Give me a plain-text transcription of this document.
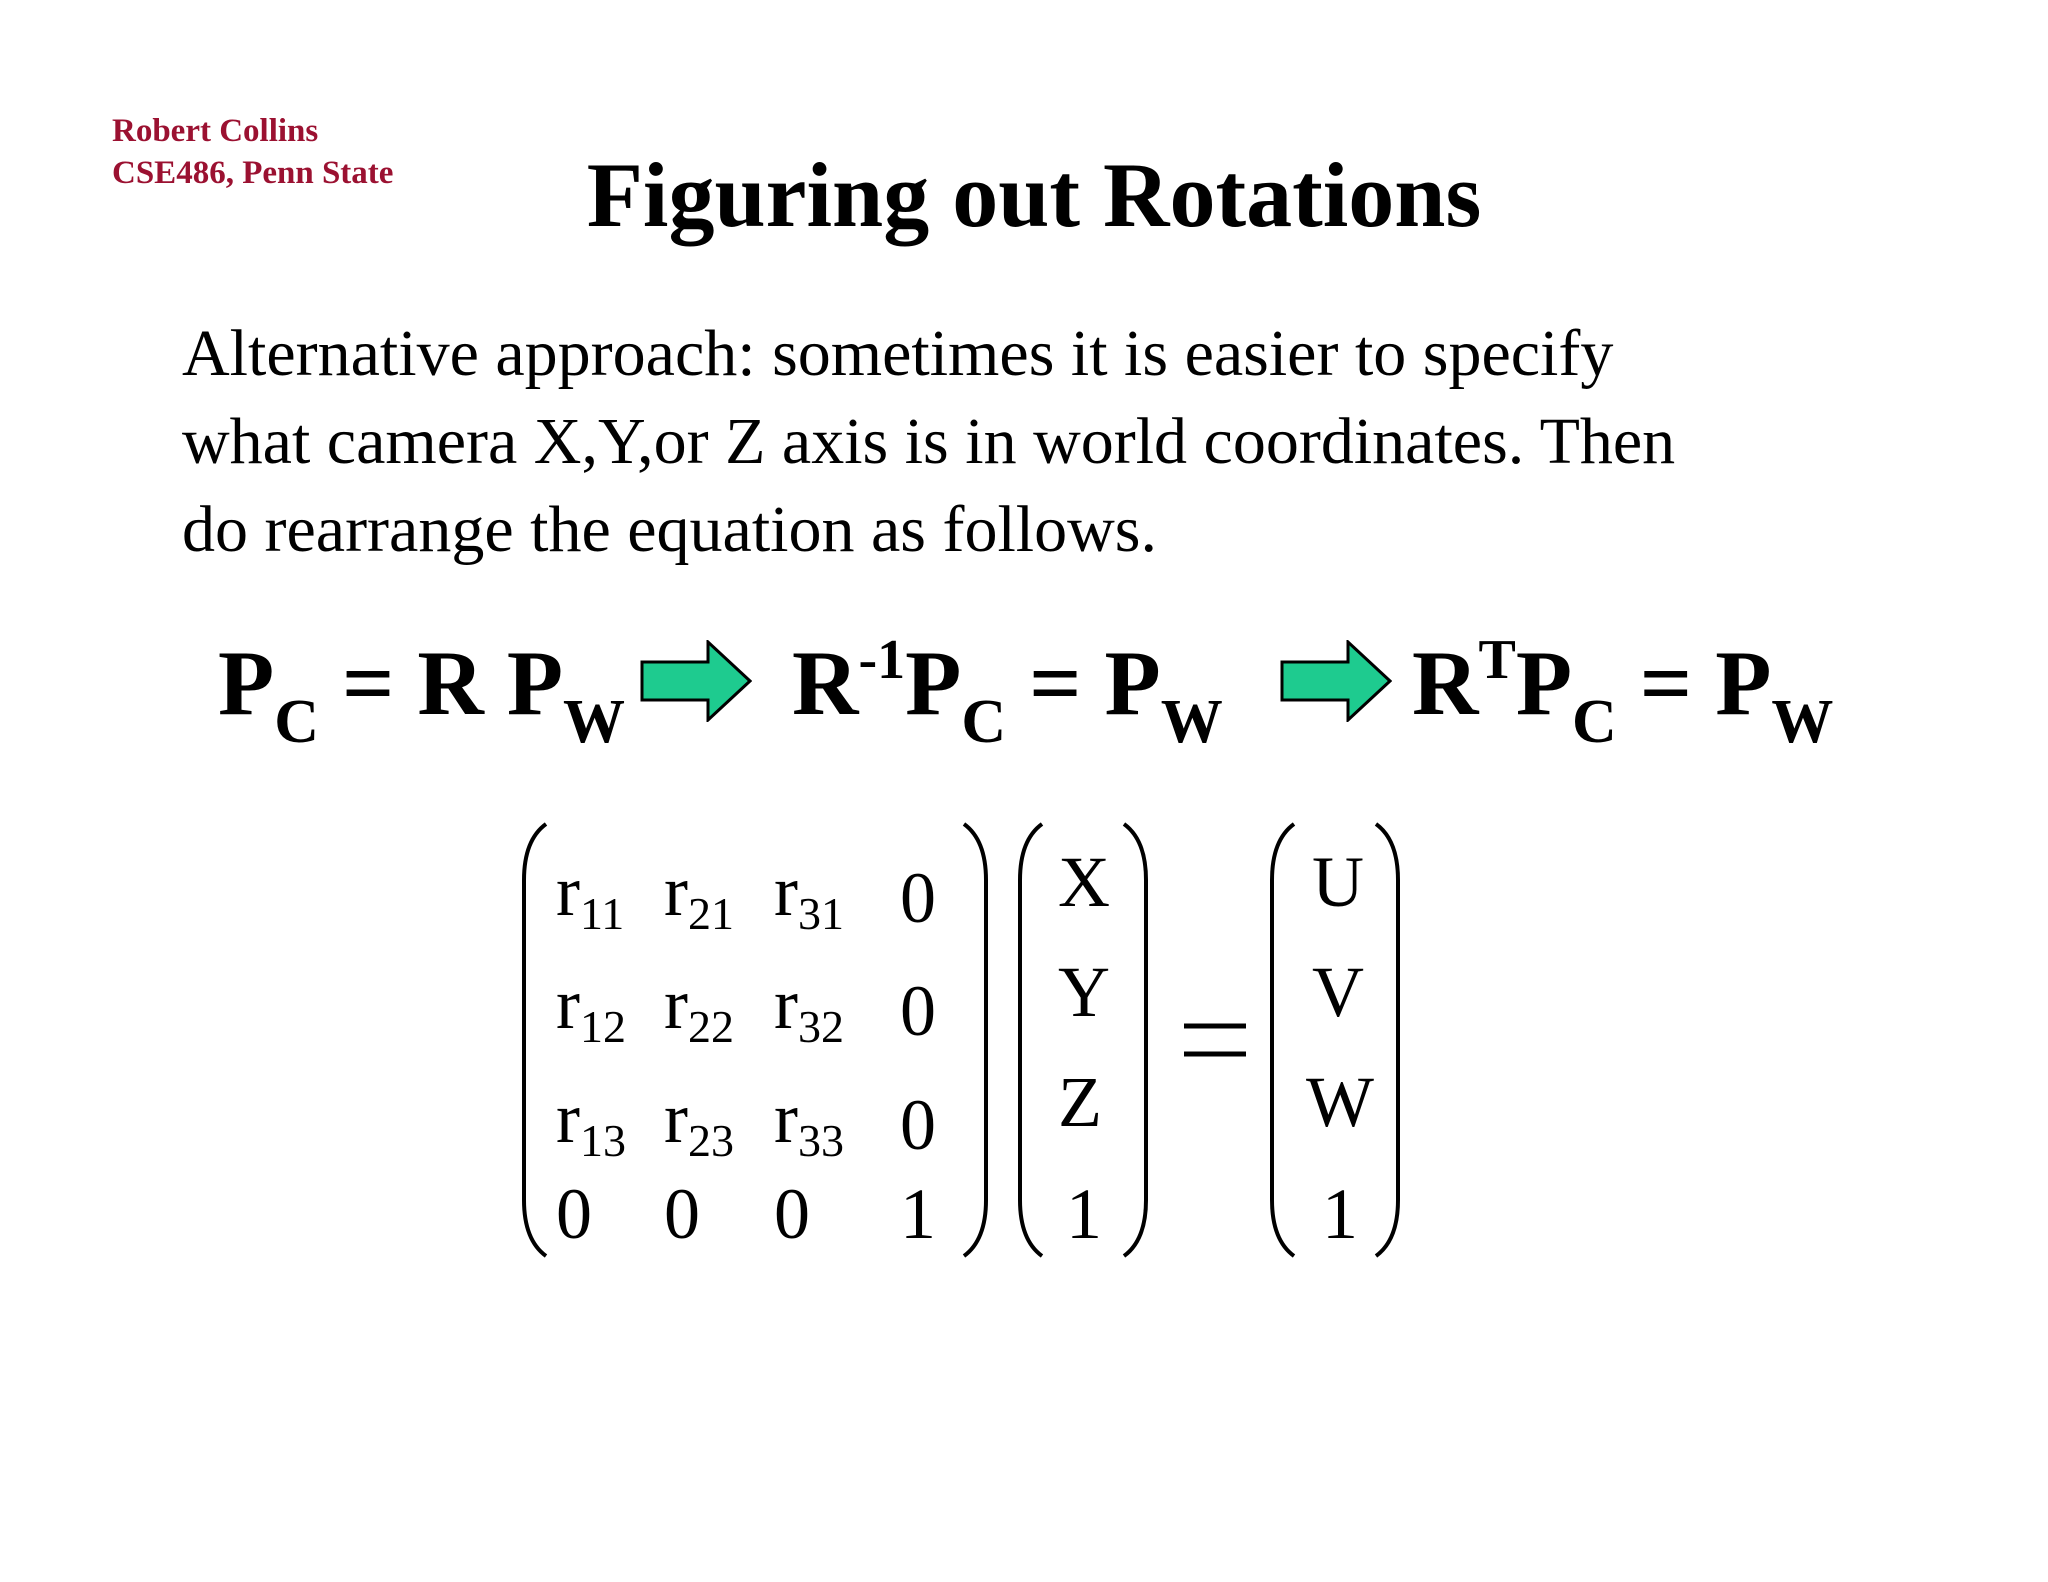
Robert Collins
CSE486, Penn State	Figuring out Rotations
Alternative approach: sometimes it is easier to specify
what camera X,Y,or Z axis is in world coordinates. Then
do rearrange the equation as follows.
$P_C = R$ $P_W$ $R^{-1}P_C = P_W$ $R^TP_C = P_W$
$r_{11}$ $r_{21}$ $r_{31}$ 0
$r_{12}$ $r_{22}$ $r_{32}$ 0
$r_{13}$ $r_{23}$ $r_{33}$ 0
0 0 0 1
X
Y
Z
1
U
V
W
1
